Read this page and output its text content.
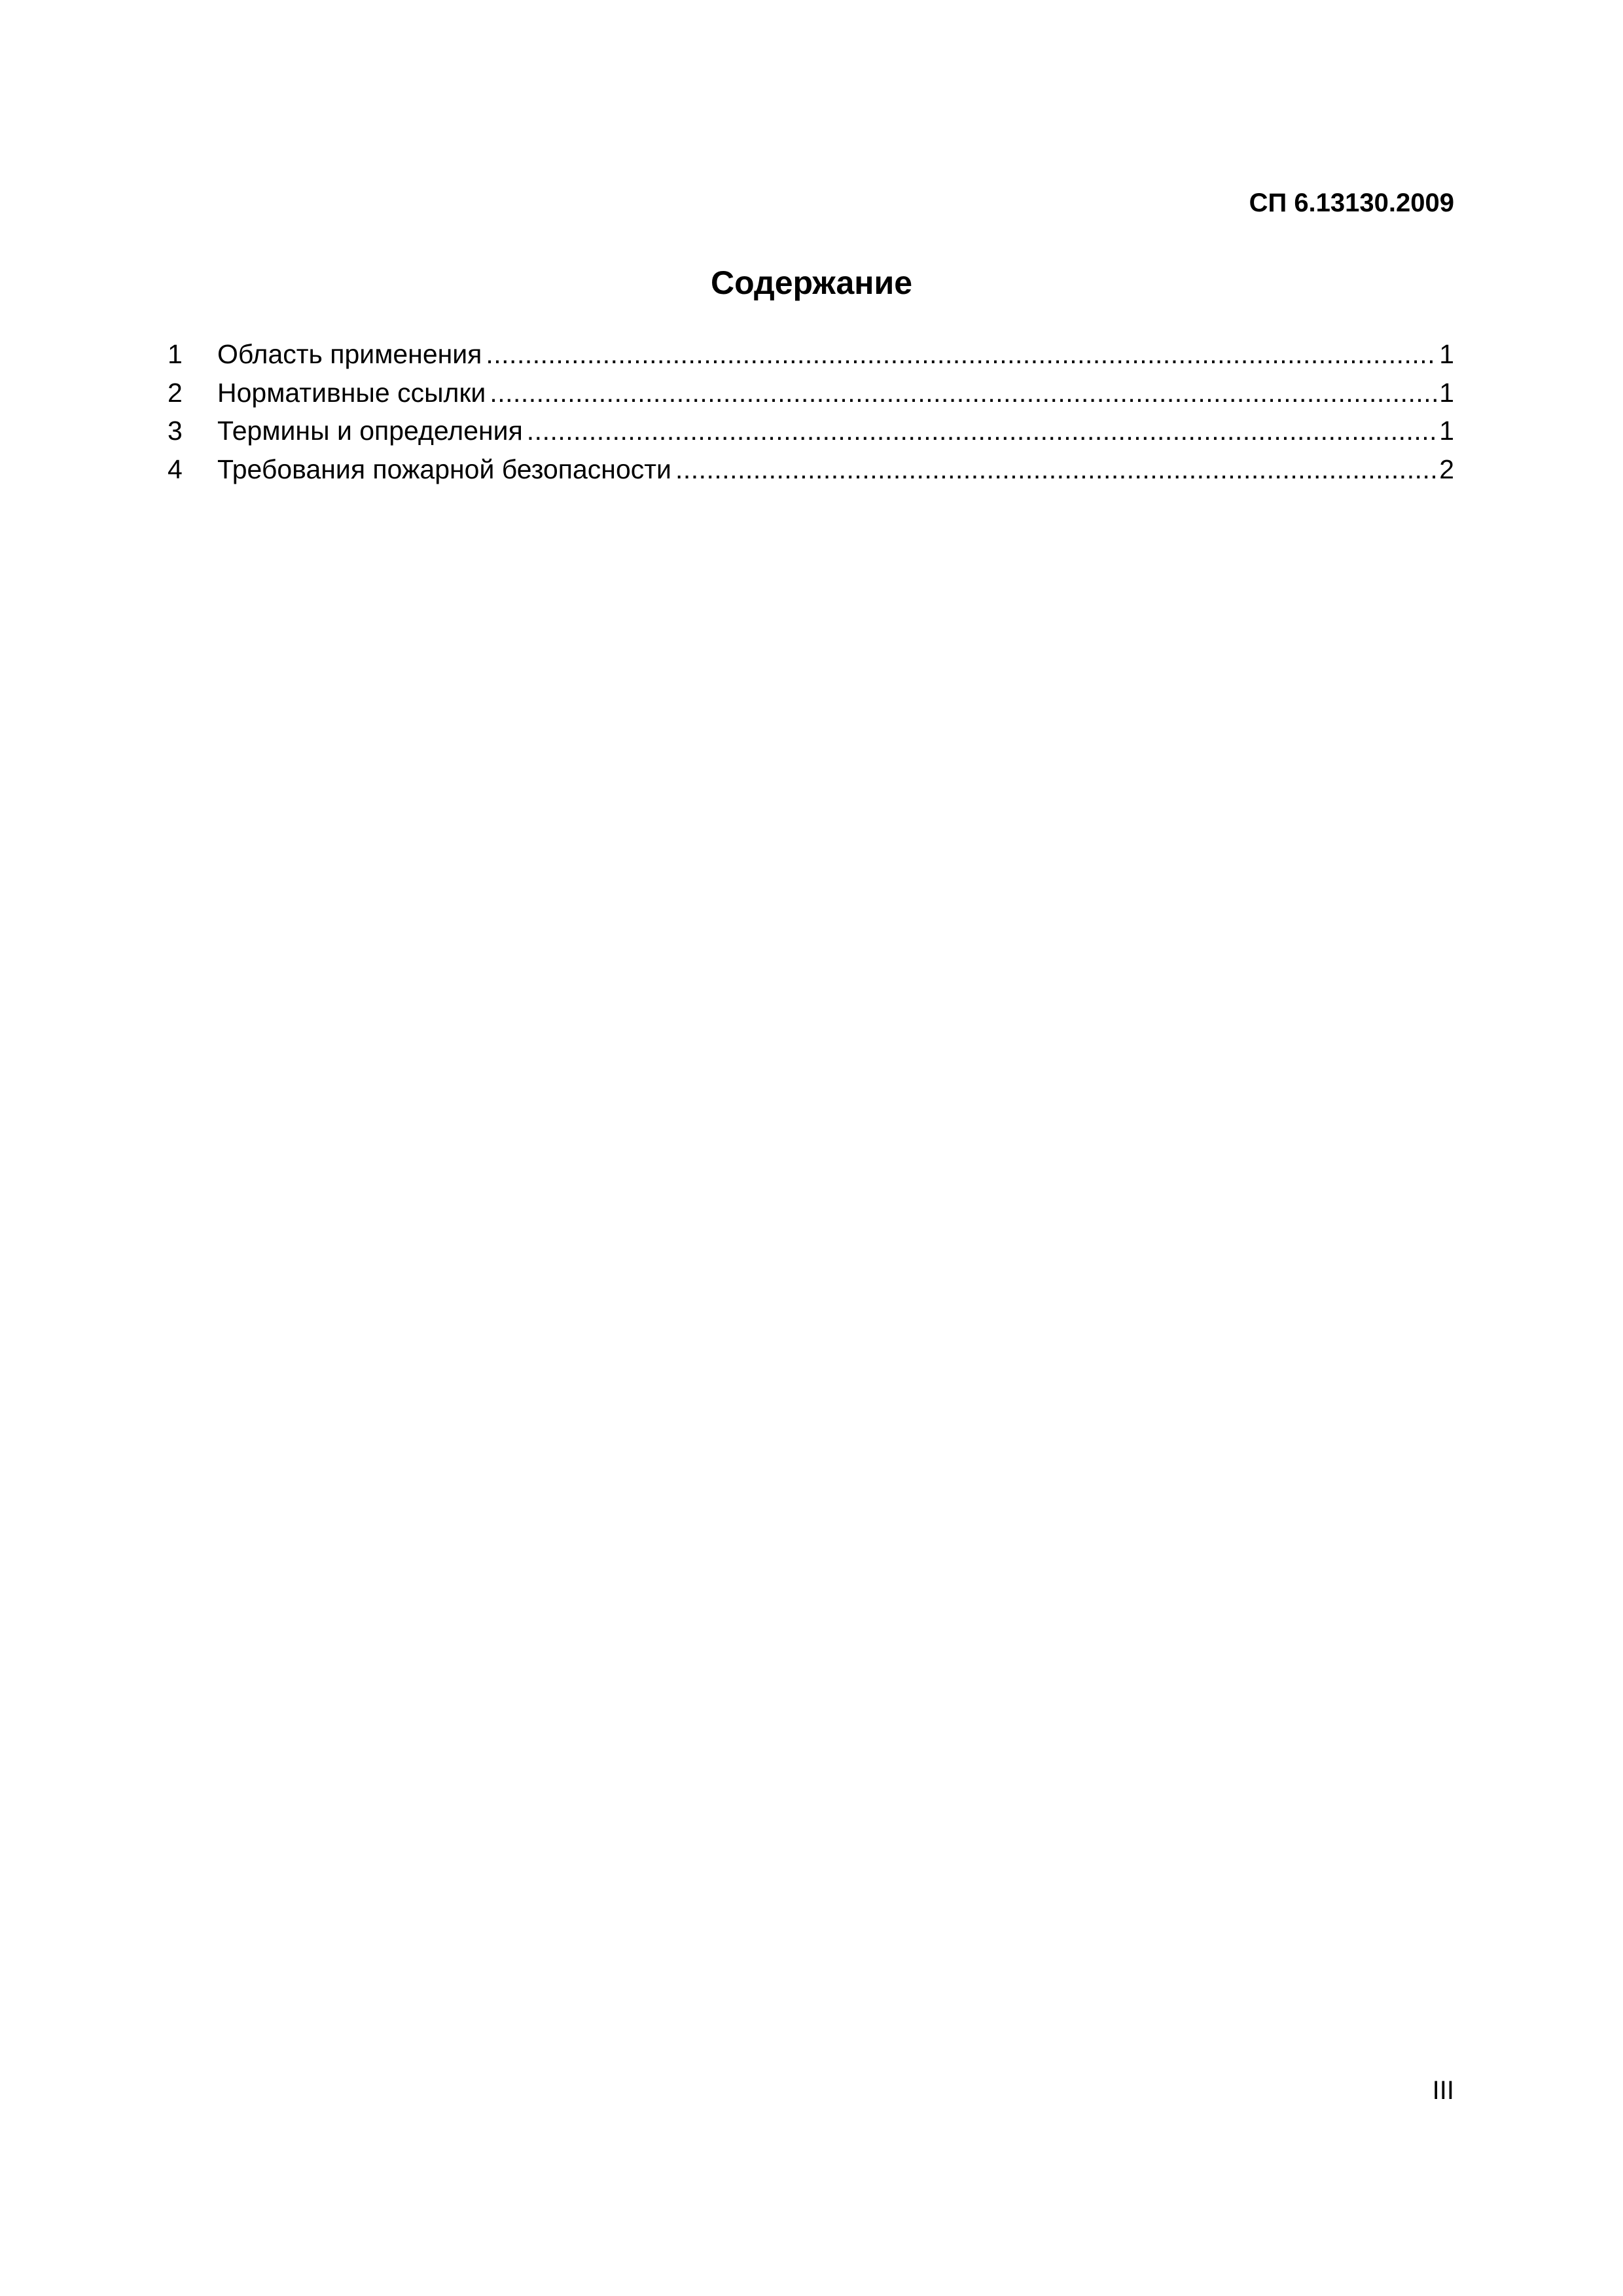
СП 6.13130.2009
Содержание
1	Область применения .....	1
2	Нормативные ссылки .....	1
3	Термины и определения .....	1
4	Требования пожарной безопасности .....	2
III
